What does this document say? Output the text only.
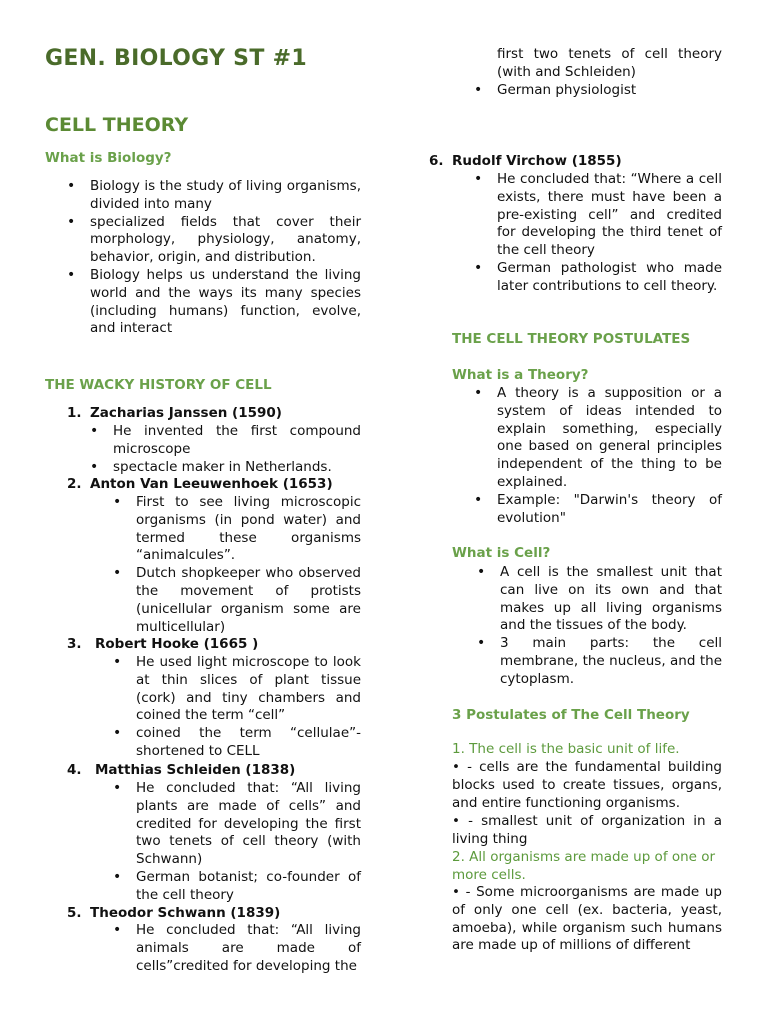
GEN. BIOLOGY ST #1
CELL THEORY
What is Biology?
• Biology is the study of living organisms, divided into many
• specialized fields that cover their morphology, physiology, anatomy, behavior, origin, and distribution.
• Biology helps us understand the living world and the ways its many species (including humans) function, evolve, and interact
THE WACKY HISTORY OF CELL
1. Zacharias Janssen (1590)
• He invented the first compound microscope
• spectacle maker in Netherlands.
2. Anton Van Leeuwenhoek (1653)
• First to see living microscopic organisms (in pond water) and termed these organisms “animalcules”.
• Dutch shopkeeper who observed the movement of protists (unicellular organism some are multicellular)
3. Robert Hooke (1665 )
• He used light microscope to look at thin slices of plant tissue (cork) and tiny chambers and coined the term “cell”
• coined the term “cellulae”- shortened to CELL
4. Matthias Schleiden (1838)
• He concluded that: “All living plants are made of cells” and credited for developing the first two tenets of cell theory (with Schwann)
• German botanist; co-founder of the cell theory
5. Theodor Schwann (1839)
• He concluded that: “All living animals are made of cells”credited for developing the
first two tenets of cell theory (with and Schleiden)
• German physiologist
6. Rudolf Virchow (1855)
• He concluded that: “Where a cell exists, there must have been a pre-existing cell” and credited for developing the third tenet of the cell theory
• German pathologist who made later contributions to cell theory.
THE CELL THEORY POSTULATES
What is a Theory?
• A theory is a supposition or a system of ideas intended to explain something, especially one based on general principles independent of the thing to be explained.
• Example: "Darwin's theory of evolution"
What is Cell?
• A cell is the smallest unit that can live on its own and that makes up all living organisms and the tissues of the body.
• 3 main parts: the cell membrane, the nucleus, and the cytoplasm.
3 Postulates of The Cell Theory
1. The cell is the basic unit of life.
• - cells are the fundamental building blocks used to create tissues, organs, and entire functioning organisms.
• - smallest unit of organization in a living thing
2. All organisms are made up of one or more cells.
• - Some microorganisms are made up of only one cell (ex. bacteria, yeast, amoeba), while organism such humans are made up of millions of different
